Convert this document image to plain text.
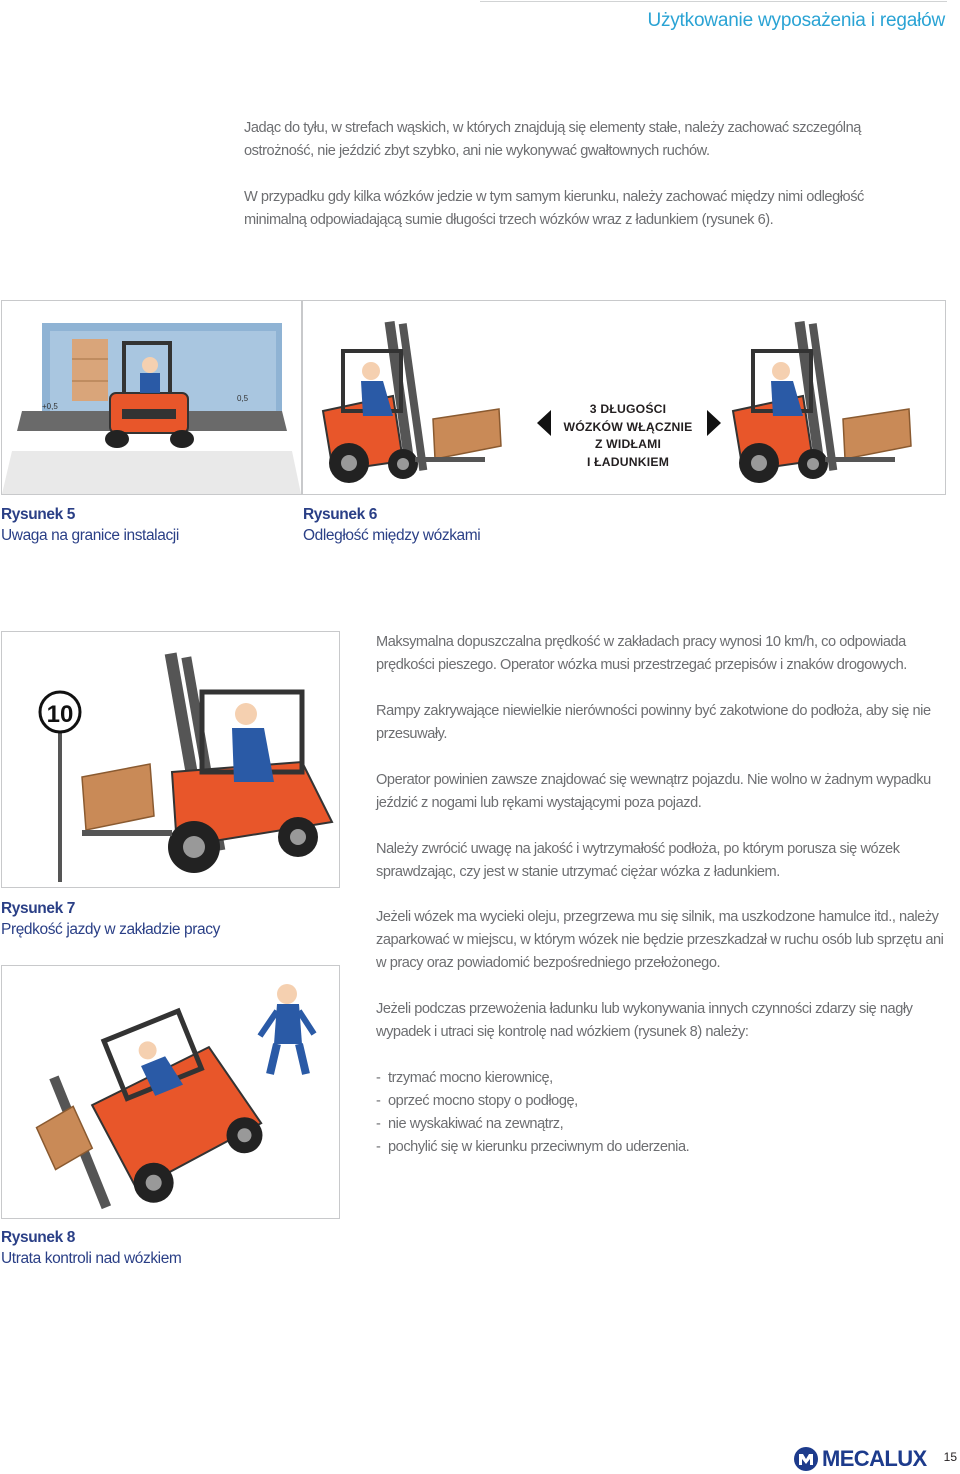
Użytkowanie wyposażenia i regałów

Jadąc do tyłu, w strefach wąskich, w których znajdują się elementy stałe, należy zachować szczególną ostrożność, nie jeździć zbyt szybko, ani nie wykonywać gwałtownych ruchów.

W przypadku gdy kilka wózków jedzie w tym samym kierunku, należy zachować między nimi odległość minimalną odpowiadającą sumie długości trzech wózków wraz z ładunkiem (rysunek 6).

+0,5
0,5
Rysunek 5
Uwaga na granice instalacji
3 DŁUGOŚCI
WÓZKÓW WŁĄCZNIE
Z WIDŁAMI
I ŁADUNKIEM
Rysunek 6
Odległość między wózkami
10
Rysunek 7
Prędkość jazdy w zakładzie pracy
Rysunek 8
Utrata kontroli nad wózkiem

Maksymalna dopuszczalna prędkość w zakładach pracy wynosi 10 km/h, co odpowiada prędkości pieszego. Operator wózka musi przestrzegać przepisów i znaków drogowych.

Rampy zakrywające niewielkie nierówności powinny być zakotwione do podłoża, aby się nie przesuwały.

Operator powinien zawsze znajdować się wewnątrz pojazdu. Nie wolno w żadnym wypadku jeździć z nogami lub rękami wystającymi poza pojazd.

Należy zwrócić uwagę na jakość i wytrzymałość podłoża, po którym porusza się wózek sprawdzając, czy jest w stanie utrzymać ciężar wózka z ładunkiem.

Jeżeli wózek ma wycieki oleju, przegrzewa mu się silnik, ma uszkodzone hamulce itd., należy zaparkować w miejscu, w którym wózek nie będzie przeszkadzał w ruchu osób lub sprzętu ani w pracy oraz powiadomić bezpośredniego przełożonego.

Jeżeli podczas przewożenia ładunku lub wykonywania innych czynności zdarzy się nagły wypadek i utraci się kontrolę nad wózkiem (rysunek 8) należy:

- trzymać mocno kierownicę,
- oprzeć mocno stopy o podłogę,
- nie wyskakiwać na zewnątrz,
- pochylić się w kierunku przeciwnym do uderzenia.
MECALUX 15
